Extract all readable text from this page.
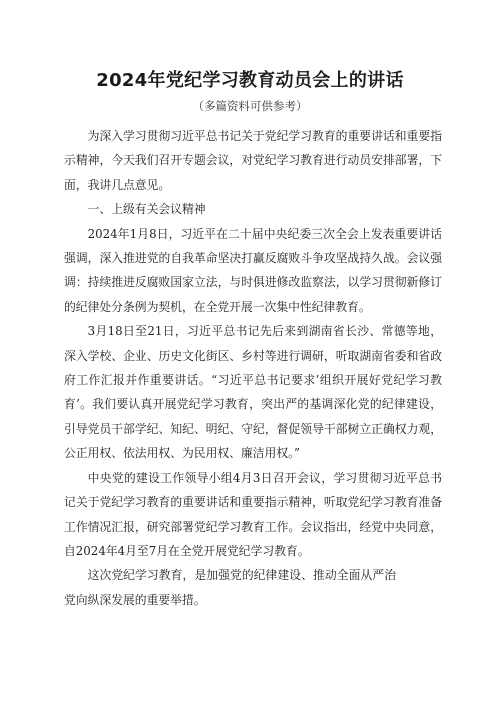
2024年党纪学习教育动员会上的讲话
（多篇资料可供参考）

为深入学习贯彻习近平总书记关于党纪学习教育的重要讲话和重要指示精神，今天我们召开专题会议，对党纪学习教育进行动员安排部署，下面，我讲几点意见。

一、上级有关会议精神

2024年1月8日，习近平在二十届中央纪委三次全会上发表重要讲话强调，深入推进党的自我革命坚决打赢反腐败斗争攻坚战持久战。会议强调：持续推进反腐败国家立法，与时俱进修改监察法，以学习贯彻新修订的纪律处分条例为契机，在全党开展一次集中性纪律教育。

3月18日至21日，习近平总书记先后来到湖南省长沙、常德等地，深入学校、企业、历史文化街区、乡村等进行调研，听取湖南省委和省政府工作汇报并作重要讲话。“习近平总书记要求’组织开展好党纪学习教育’。我们要认真开展党纪学习教育，突出严的基调深化党的纪律建设，引导党员干部学纪、知纪、明纪、守纪，督促领导干部树立正确权力观，公正用权、依法用权、为民用权、廉洁用权。”

中央党的建设工作领导小组4月3日召开会议，学习贯彻习近平总书记关于党纪学习教育的重要讲话和重要指示精神，听取党纪学习教育准备工作情况汇报，研究部署党纪学习教育工作。会议指出，经党中央同意，自2024年4月至7月在全党开展党纪学习教育。

这次党纪学习教育，是加强党的纪律建设、推动全面从严治党向纵深发展的重要举措。
